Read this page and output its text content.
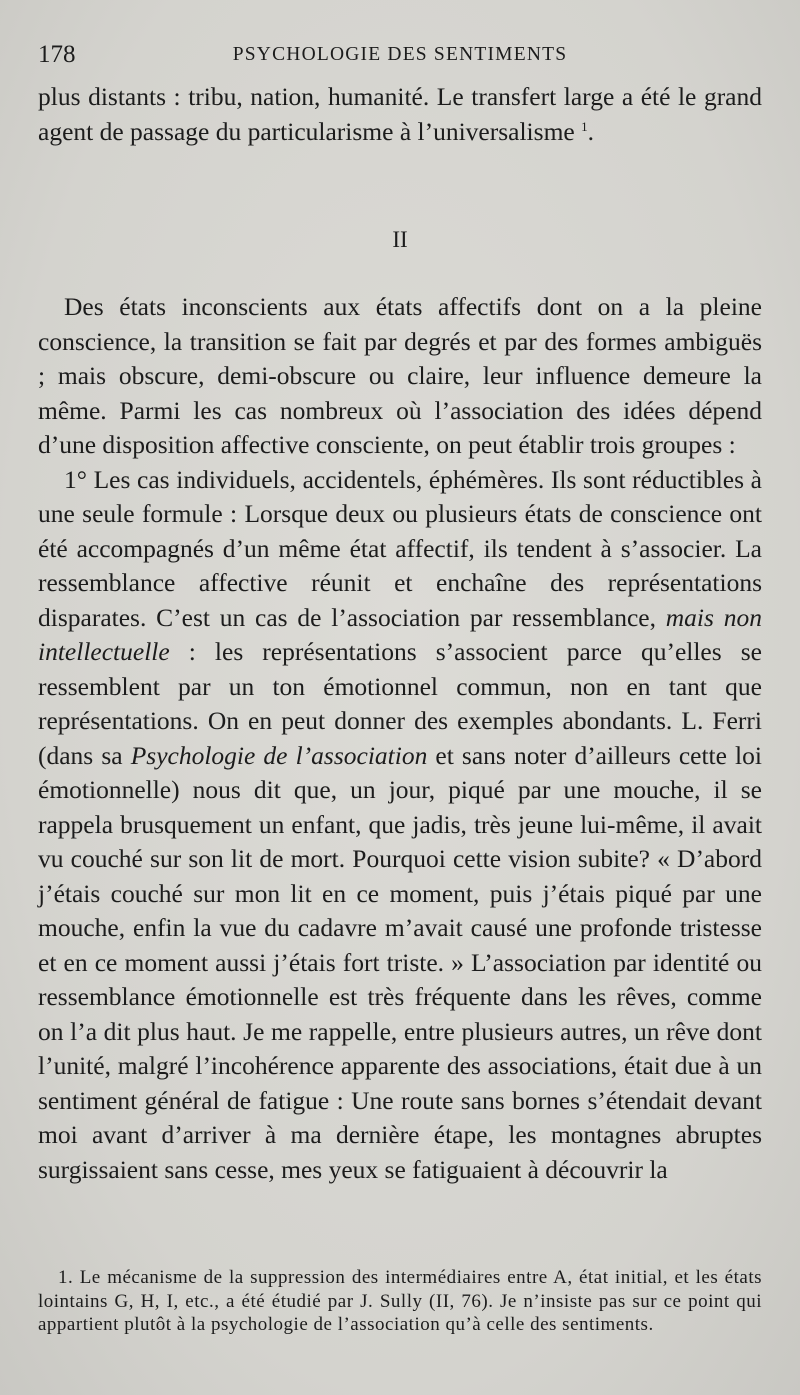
178	PSYCHOLOGIE DES SENTIMENTS

plus distants : tribu, nation, humanité. Le transfert large a été le grand agent de passage du particularisme à l’universalisme $^1$.

II

Des états inconscients aux états affectifs dont on a la pleine conscience, la transition se fait par degrés et par des formes ambiguës ; mais obscure, demi-obscure ou claire, leur influence demeure la même. Parmi les cas nombreux où l’association des idées dépend d’une disposition affective consciente, on peut établir trois groupes :

1° Les cas individuels, accidentels, éphémères. Ils sont réductibles à une seule formule : Lorsque deux ou plusieurs états de conscience ont été accompagnés d’un même état affectif, ils tendent à s’associer. La ressemblance affective réunit et enchaîne des représentations disparates. C’est un cas de l’association par ressemblance, mais non intellectuelle : les représentations s’associent parce qu’elles se ressemblent par un ton émotionnel commun, non en tant que représentations. On en peut donner des exemples abondants. L. Ferri (dans sa Psychologie de l’association et sans noter d’ailleurs cette loi émotionnelle) nous dit que, un jour, piqué par une mouche, il se rappela brusquement un enfant, que jadis, très jeune lui-même, il avait vu couché sur son lit de mort. Pourquoi cette vision subite? « D’abord j’étais couché sur mon lit en ce moment, puis j’étais piqué par une mouche, enfin la vue du cadavre m’avait causé une profonde tristesse et en ce moment aussi j’étais fort triste. » L’association par identité ou ressemblance émotionnelle est très fréquente dans les rêves, comme on l’a dit plus haut. Je me rappelle, entre plusieurs autres, un rêve dont l’unité, malgré l’incohérence apparente des associations, était due à un sentiment général de fatigue : Une route sans bornes s’étendait devant moi avant d’arriver à ma dernière étape, les montagnes abruptes surgissaient sans cesse, mes yeux se fatiguaient à découvrir la

1. Le mécanisme de la suppression des intermédiaires entre A, état initial, et les états lointains G, H, I, etc., a été étudié par J. Sully (II, 76). Je n’insiste pas sur ce point qui appartient plutôt à la psychologie de l’association qu’à celle des sentiments.
